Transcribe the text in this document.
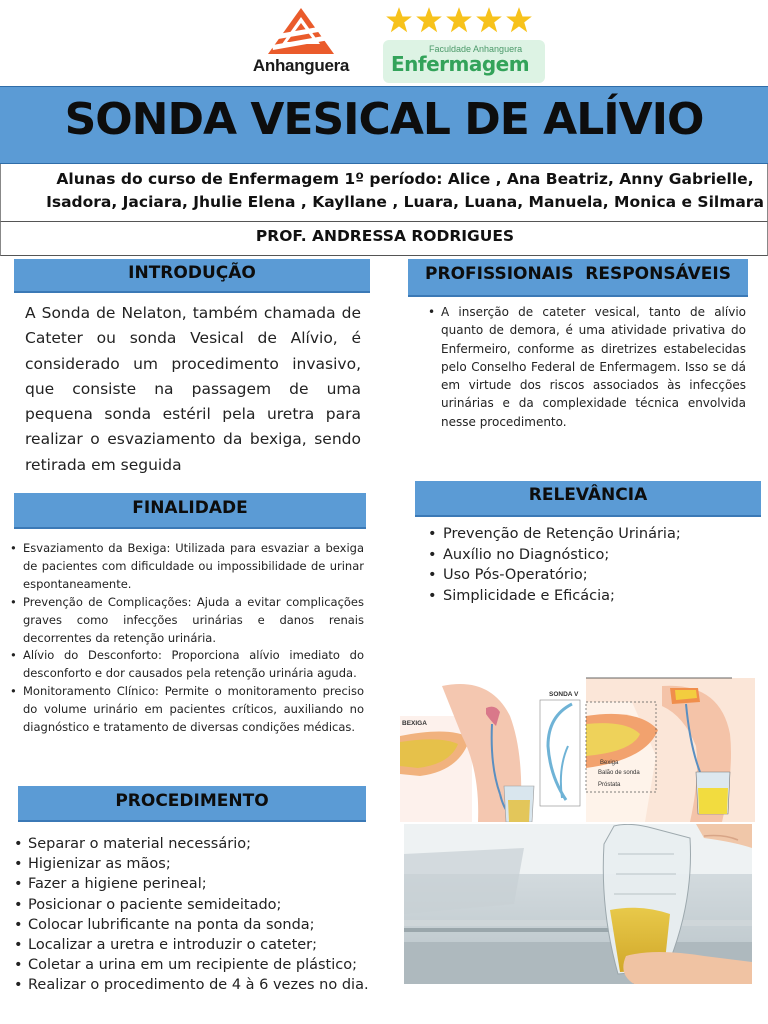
Anhanguera
Faculdade Anhanguera
Enfermagem
SONDA VESICAL DE ALÍVIO

Alunas do curso de Enfermagem 1º período: Alice , Ana Beatriz, Anny Gabrielle, Isadora, Jaciara, Jhulie Elena , Kayllane , Luara, Luana, Manuela, Monica e Silmara

PROF. ANDRESSA RODRIGUES

INTRODUÇÃO

A Sonda de Nelaton, também chamada de Cateter ou sonda Vesical de Alívio, é considerado um procedimento invasivo, que consiste na passagem de uma pequena sonda estéril pela uretra para realizar o esvaziamento da bexiga, sendo retirada em seguida

FINALIDADE
• Esvaziamento da Bexiga: Utilizada para esvaziar a bexiga de pacientes com dificuldade ou impossibilidade de urinar espontaneamente.
• Prevenção de Complicações: Ajuda a evitar complicações graves como infecções urinárias e danos renais decorrentes da retenção urinária.
• Alívio do Desconforto: Proporciona alívio imediato do desconforto e dor causados pela retenção urinária aguda.
• Monitoramento Clínico: Permite o monitoramento preciso do volume urinário em pacientes críticos, auxiliando no diagnóstico e tratamento de diversas condições médicas.
PROCEDIMENTO
• Separar o material necessário;
• Higienizar as mãos;
• Fazer a higiene perineal;
• Posicionar o paciente semideitado;
• Colocar lubrificante na ponta da sonda;
• Localizar a uretra e introduzir o cateter;
• Coletar a urina em um recipiente de plástico;
• Realizar o procedimento de 4 à 6 vezes no dia.
PROFISSIONAIS  RESPONSÁVEIS
• A inserção de cateter vesical, tanto de alívio quanto de demora, é uma atividade privativa do Enfermeiro, conforme as diretrizes estabelecidas pelo Conselho Federal de Enfermagem. Isso se dá em virtude dos riscos associados às infecções urinárias e da complexidade técnica envolvida nesse procedimento.
RELEVÂNCIA
• Prevenção de Retenção Urinária;
• Auxílio no Diagnóstico;
• Uso Pós-Operatório;
• Simplicidade e Eficácia;
BEXIGA
SONDA V
Bexiga
Balão de sonda
Próstata
